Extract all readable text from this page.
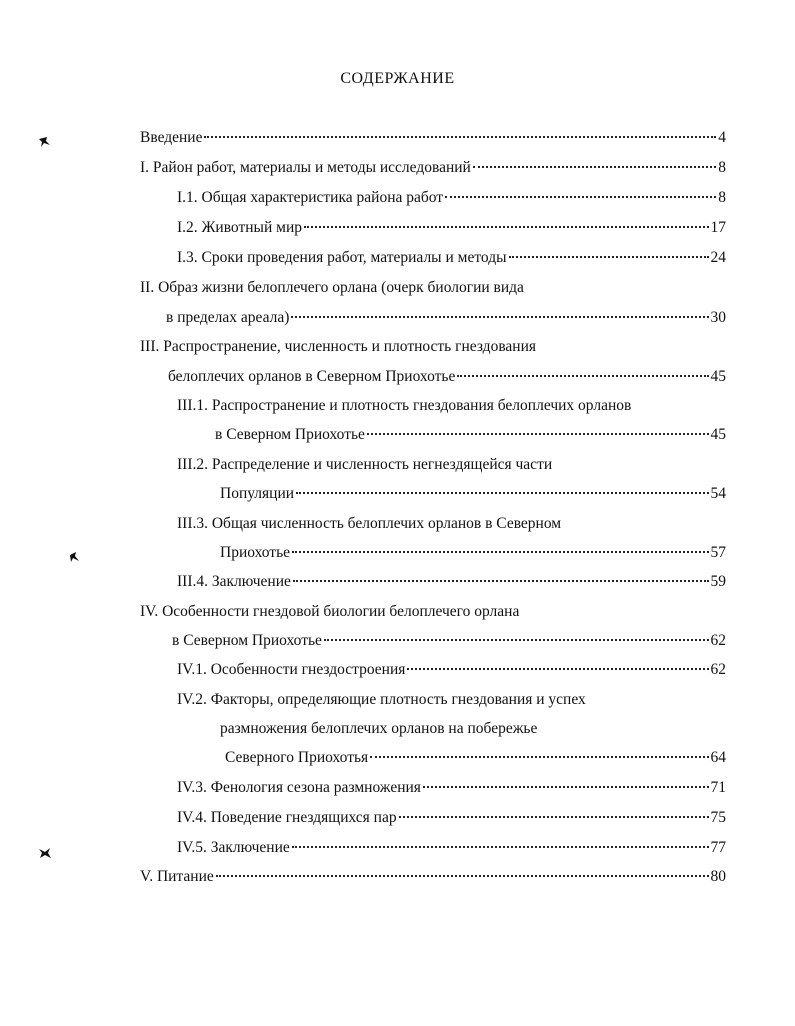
СОДЕРЖАНИЕ
Введение	4
I. Район работ, материалы и методы исследований	8
I.1. Общая характеристика района работ	8
I.2. Животный мир	17
I.3. Сроки проведения работ, материалы и методы	24
II. Образ жизни белоплечего орлана (очерк биологии вида
в пределах ареала)	30
III. Распространение, численность и плотность гнездования
белоплечих орланов в Северном Приохотье	45
III.1. Распространение и плотность гнездования белоплечих орланов
в Северном Приохотье	45
III.2. Распределение и численность негнездящейся части
Популяции	54
III.3. Общая численность белоплечих орланов в Северном
Приохотье	57
III.4. Заключение	59
IV. Особенности гнездовой биологии белоплечего орлана
в Северном Приохотье	62
IV.1. Особенности гнездостроения	62
IV.2. Факторы, определяющие плотность гнездования и успех
размножения белоплечих орланов на побережье
Северного Приохотья	64
IV.3. Фенология сезона размножения	71
IV.4. Поведение гнездящихся пар	75
IV.5. Заключение	77
V. Питание	80
